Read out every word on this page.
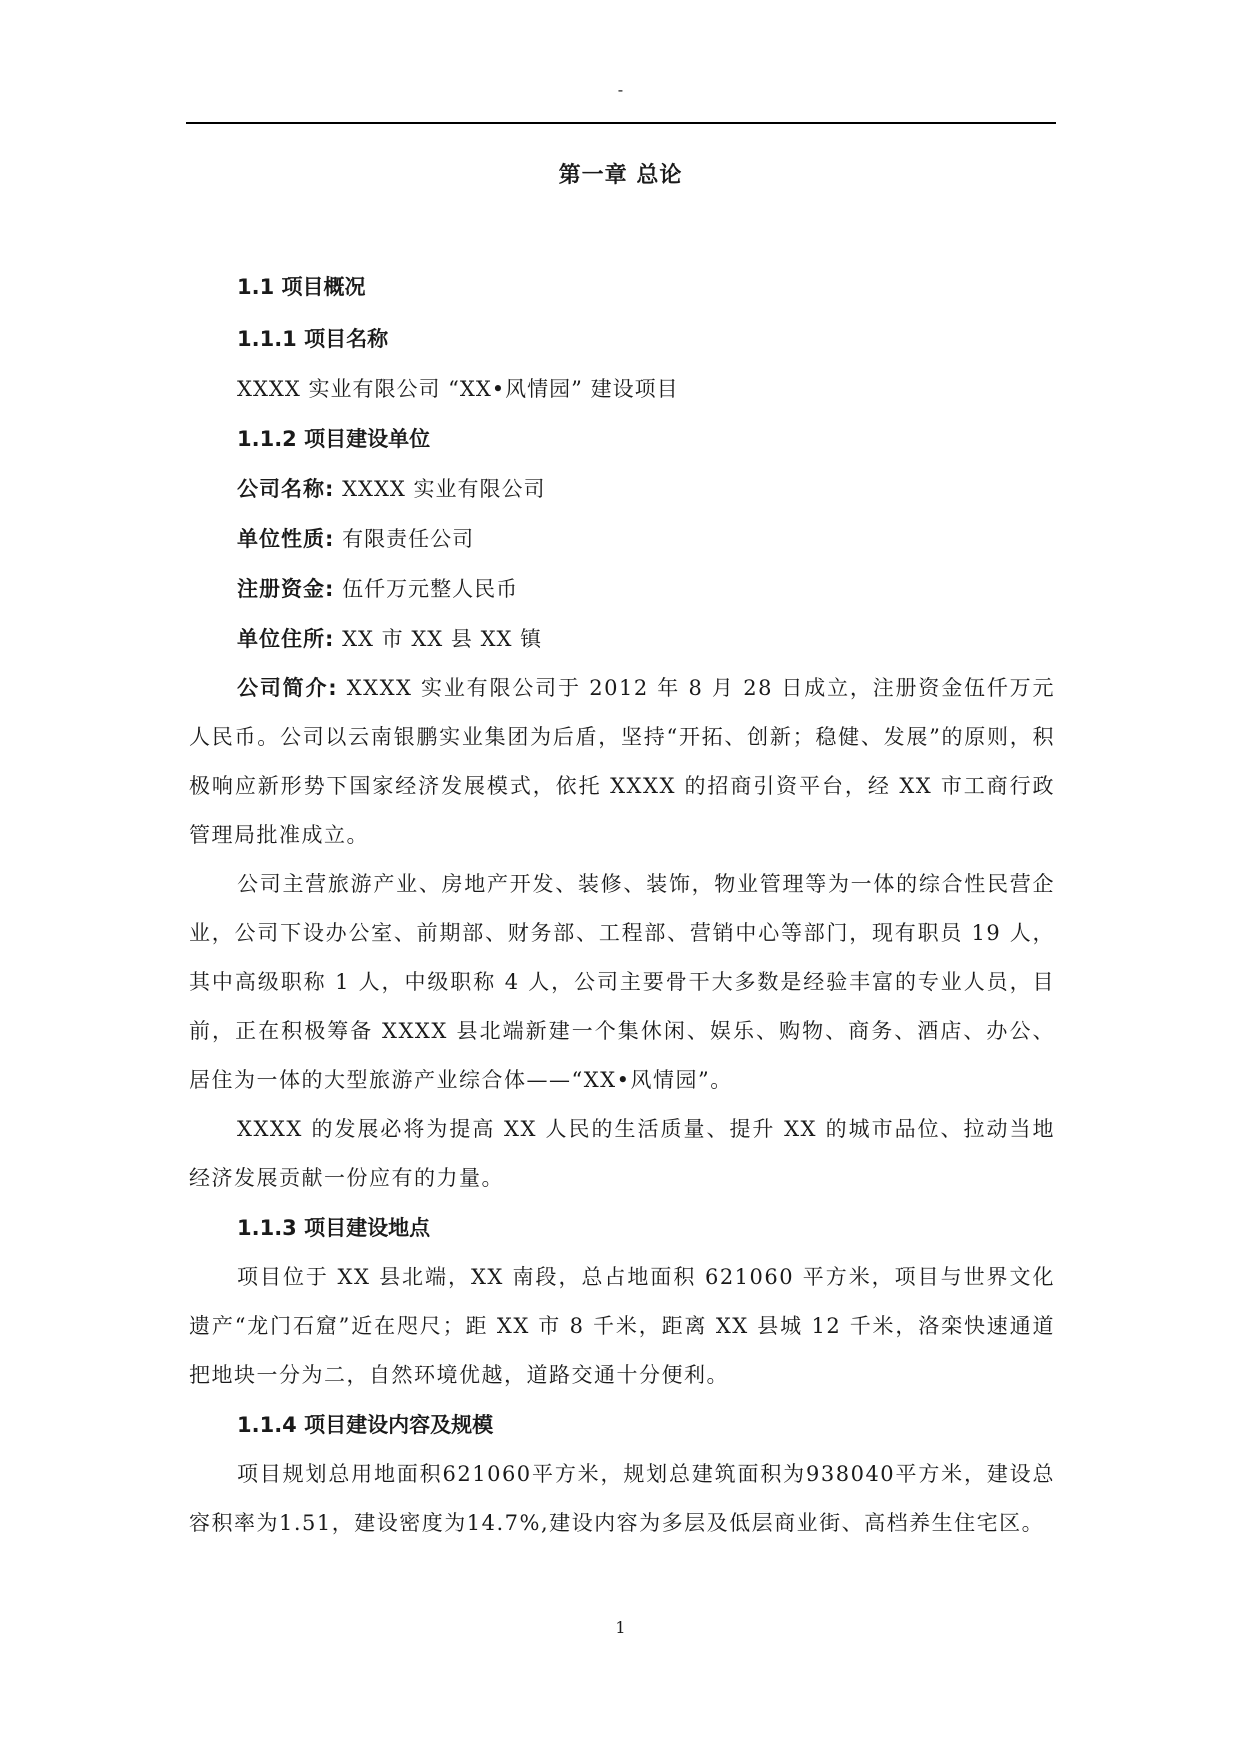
-
第一章 总论

1.1 项目概况

1.1.1 项目名称

XXXX 实业有限公司 “XX•风情园” 建设项目

1.1.2 项目建设单位

公司名称: XXXX 实业有限公司

单位性质: 有限责任公司

注册资金: 伍仟万元整人民币

单位住所: XX 市 XX 县 XX 镇

公司简介: XXXX 实业有限公司于 2012 年 8 月 28 日成立，注册资金伍仟万元人民币。公司以云南银鹏实业集团为后盾，坚持“开拓、创新；稳健、发展”的原则，积极响应新形势下国家经济发展模式，依托 XXXX 的招商引资平台，经 XX 市工商行政管理局批准成立。

公司主营旅游产业、房地产开发、装修、装饰，物业管理等为一体的综合性民营企业，公司下设办公室、前期部、财务部、工程部、营销中心等部门，现有职员 19 人，其中高级职称 1 人，中级职称 4 人，公司主要骨干大多数是经验丰富的专业人员，目前，正在积极筹备 XXXX 县北端新建一个集休闲、娱乐、购物、商务、酒店、办公、居住为一体的大型旅游产业综合体——“XX•风情园”。

XXXX 的发展必将为提高 XX 人民的生活质量、提升 XX 的城市品位、拉动当地经济发展贡献一份应有的力量。

1.1.3 项目建设地点

项目位于 XX 县北端，XX 南段，总占地面积 621060 平方米，项目与世界文化遗产“龙门石窟”近在咫尺；距 XX 市 8 千米，距离 XX 县城 12 千米，洛栾快速通道把地块一分为二，自然环境优越，道路交通十分便利。

1.1.4 项目建设内容及规模

项目规划总用地面积621060平方米，规划总建筑面积为938040平方米，建设总容积率为1.51，建设密度为14.7%,建设内容为多层及低层商业街、高档养生住宅区。

1
